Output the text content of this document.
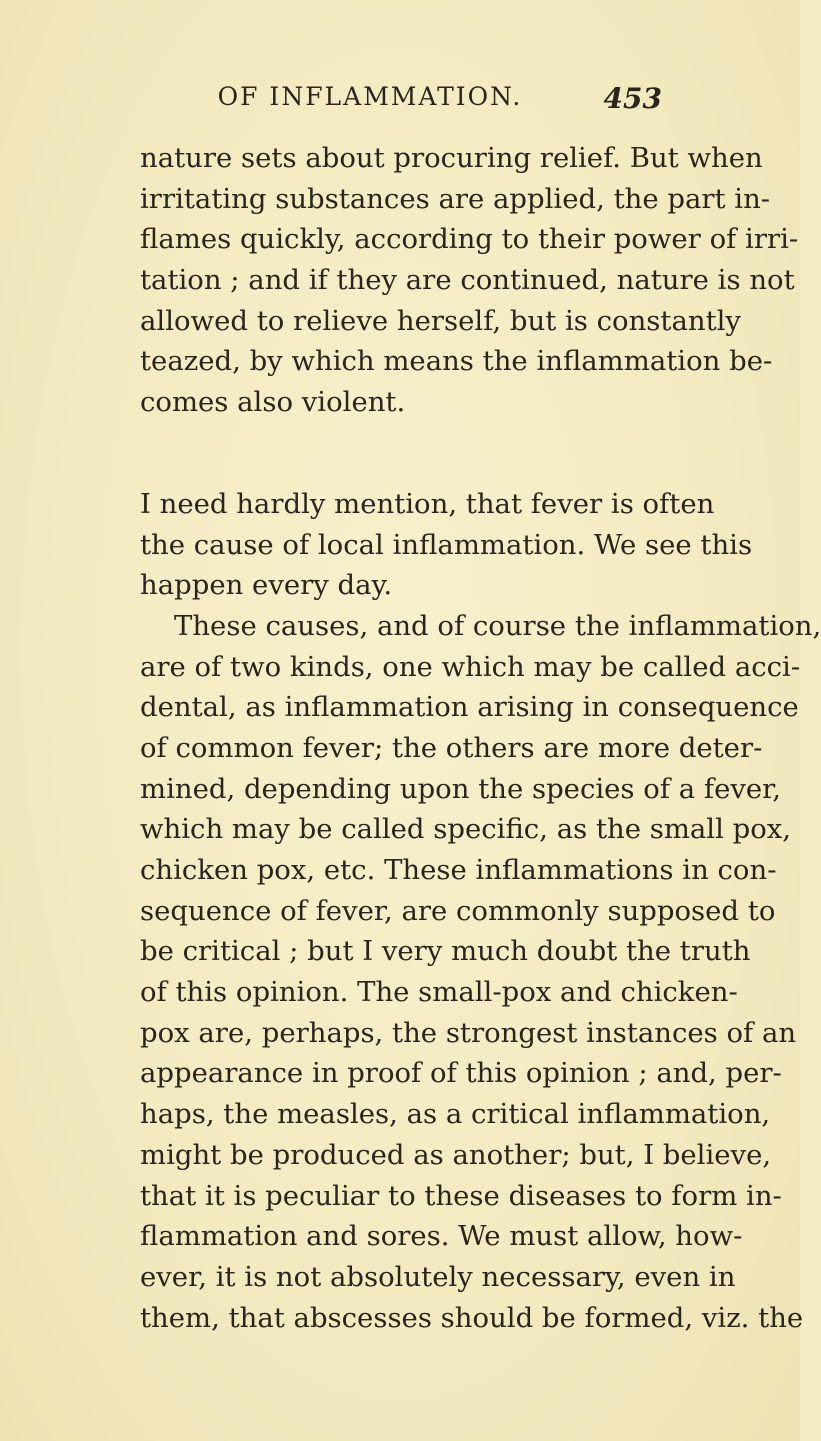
OF INFLAMMATION.	453
nature sets about procuring relief. But when
irritating substances are applied, the part in-
flames quickly, according to their power of irri-
tation ; and if they are continued, nature is not
allowed to relieve herself, but is constantly
teazed, by which means the inflammation be-
comes also violent.
I need hardly mention, that fever is often
the cause of local inflammation. We see this
happen every day.
These causes, and of course the inflammation,
are of two kinds, one which may be called acci-
dental, as inflammation arising in consequence
of common fever; the others are more deter-
mined, depending upon the species of a fever,
which may be called specific, as the small pox,
chicken pox, etc. These inflammations in con-
sequence of fever, are commonly supposed to
be critical ; but I very much doubt the truth
of this opinion. The small-pox and chicken-
pox are, perhaps, the strongest instances of an
appearance in proof of this opinion ; and, per-
haps, the measles, as a critical inflammation,
might be produced as another; but, I believe,
that it is peculiar to these diseases to form in-
flammation and sores. We must allow, how-
ever, it is not absolutely necessary, even in
them, that abscesses should be formed, viz. the
